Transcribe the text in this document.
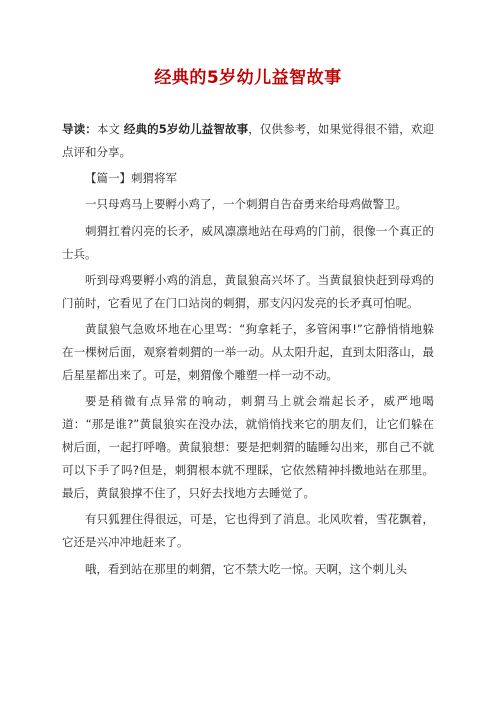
经典的5岁幼儿益智故事

导读：本文 经典的5岁幼儿益智故事，仅供参考，如果觉得很不错，欢迎点评和分享。

【篇一】刺猬将军

一只母鸡马上要孵小鸡了，一个刺猬自告奋勇来给母鸡做警卫。

刺猬扛着闪亮的长矛，威风凛凛地站在母鸡的门前，很像一个真正的士兵。

听到母鸡要孵小鸡的消息，黄鼠狼高兴坏了。当黄鼠狼快赶到母鸡的门前时，它看见了在门口站岗的刺猬，那支闪闪发亮的长矛真可怕呢。

黄鼠狼气急败坏地在心里骂：“狗拿耗子，多管闲事!”它静悄悄地躲在一棵树后面，观察着刺猬的一举一动。从太阳升起，直到太阳落山，最后星星都出来了。可是，刺猬像个雕塑一样一动不动。

要是稍微有点异常的响动，刺猬马上就会端起长矛，威严地喝道：“那是谁?”黄鼠狼实在没办法，就悄悄找来它的朋友们，让它们躲在树后面，一起打呼噜。黄鼠狼想：要是把刺猬的瞌睡勾出来，那自己不就可以下手了吗?但是，刺猬根本就不理睬，它依然精神抖擞地站在那里。最后，黄鼠狼撑不住了，只好去找地方去睡觉了。

有只狐狸住得很远，可是，它也得到了消息。北风吹着，雪花飘着，它还是兴冲冲地赶来了。

哦，看到站在那里的刺猬，它不禁大吃一惊。天啊，这个刺儿头
